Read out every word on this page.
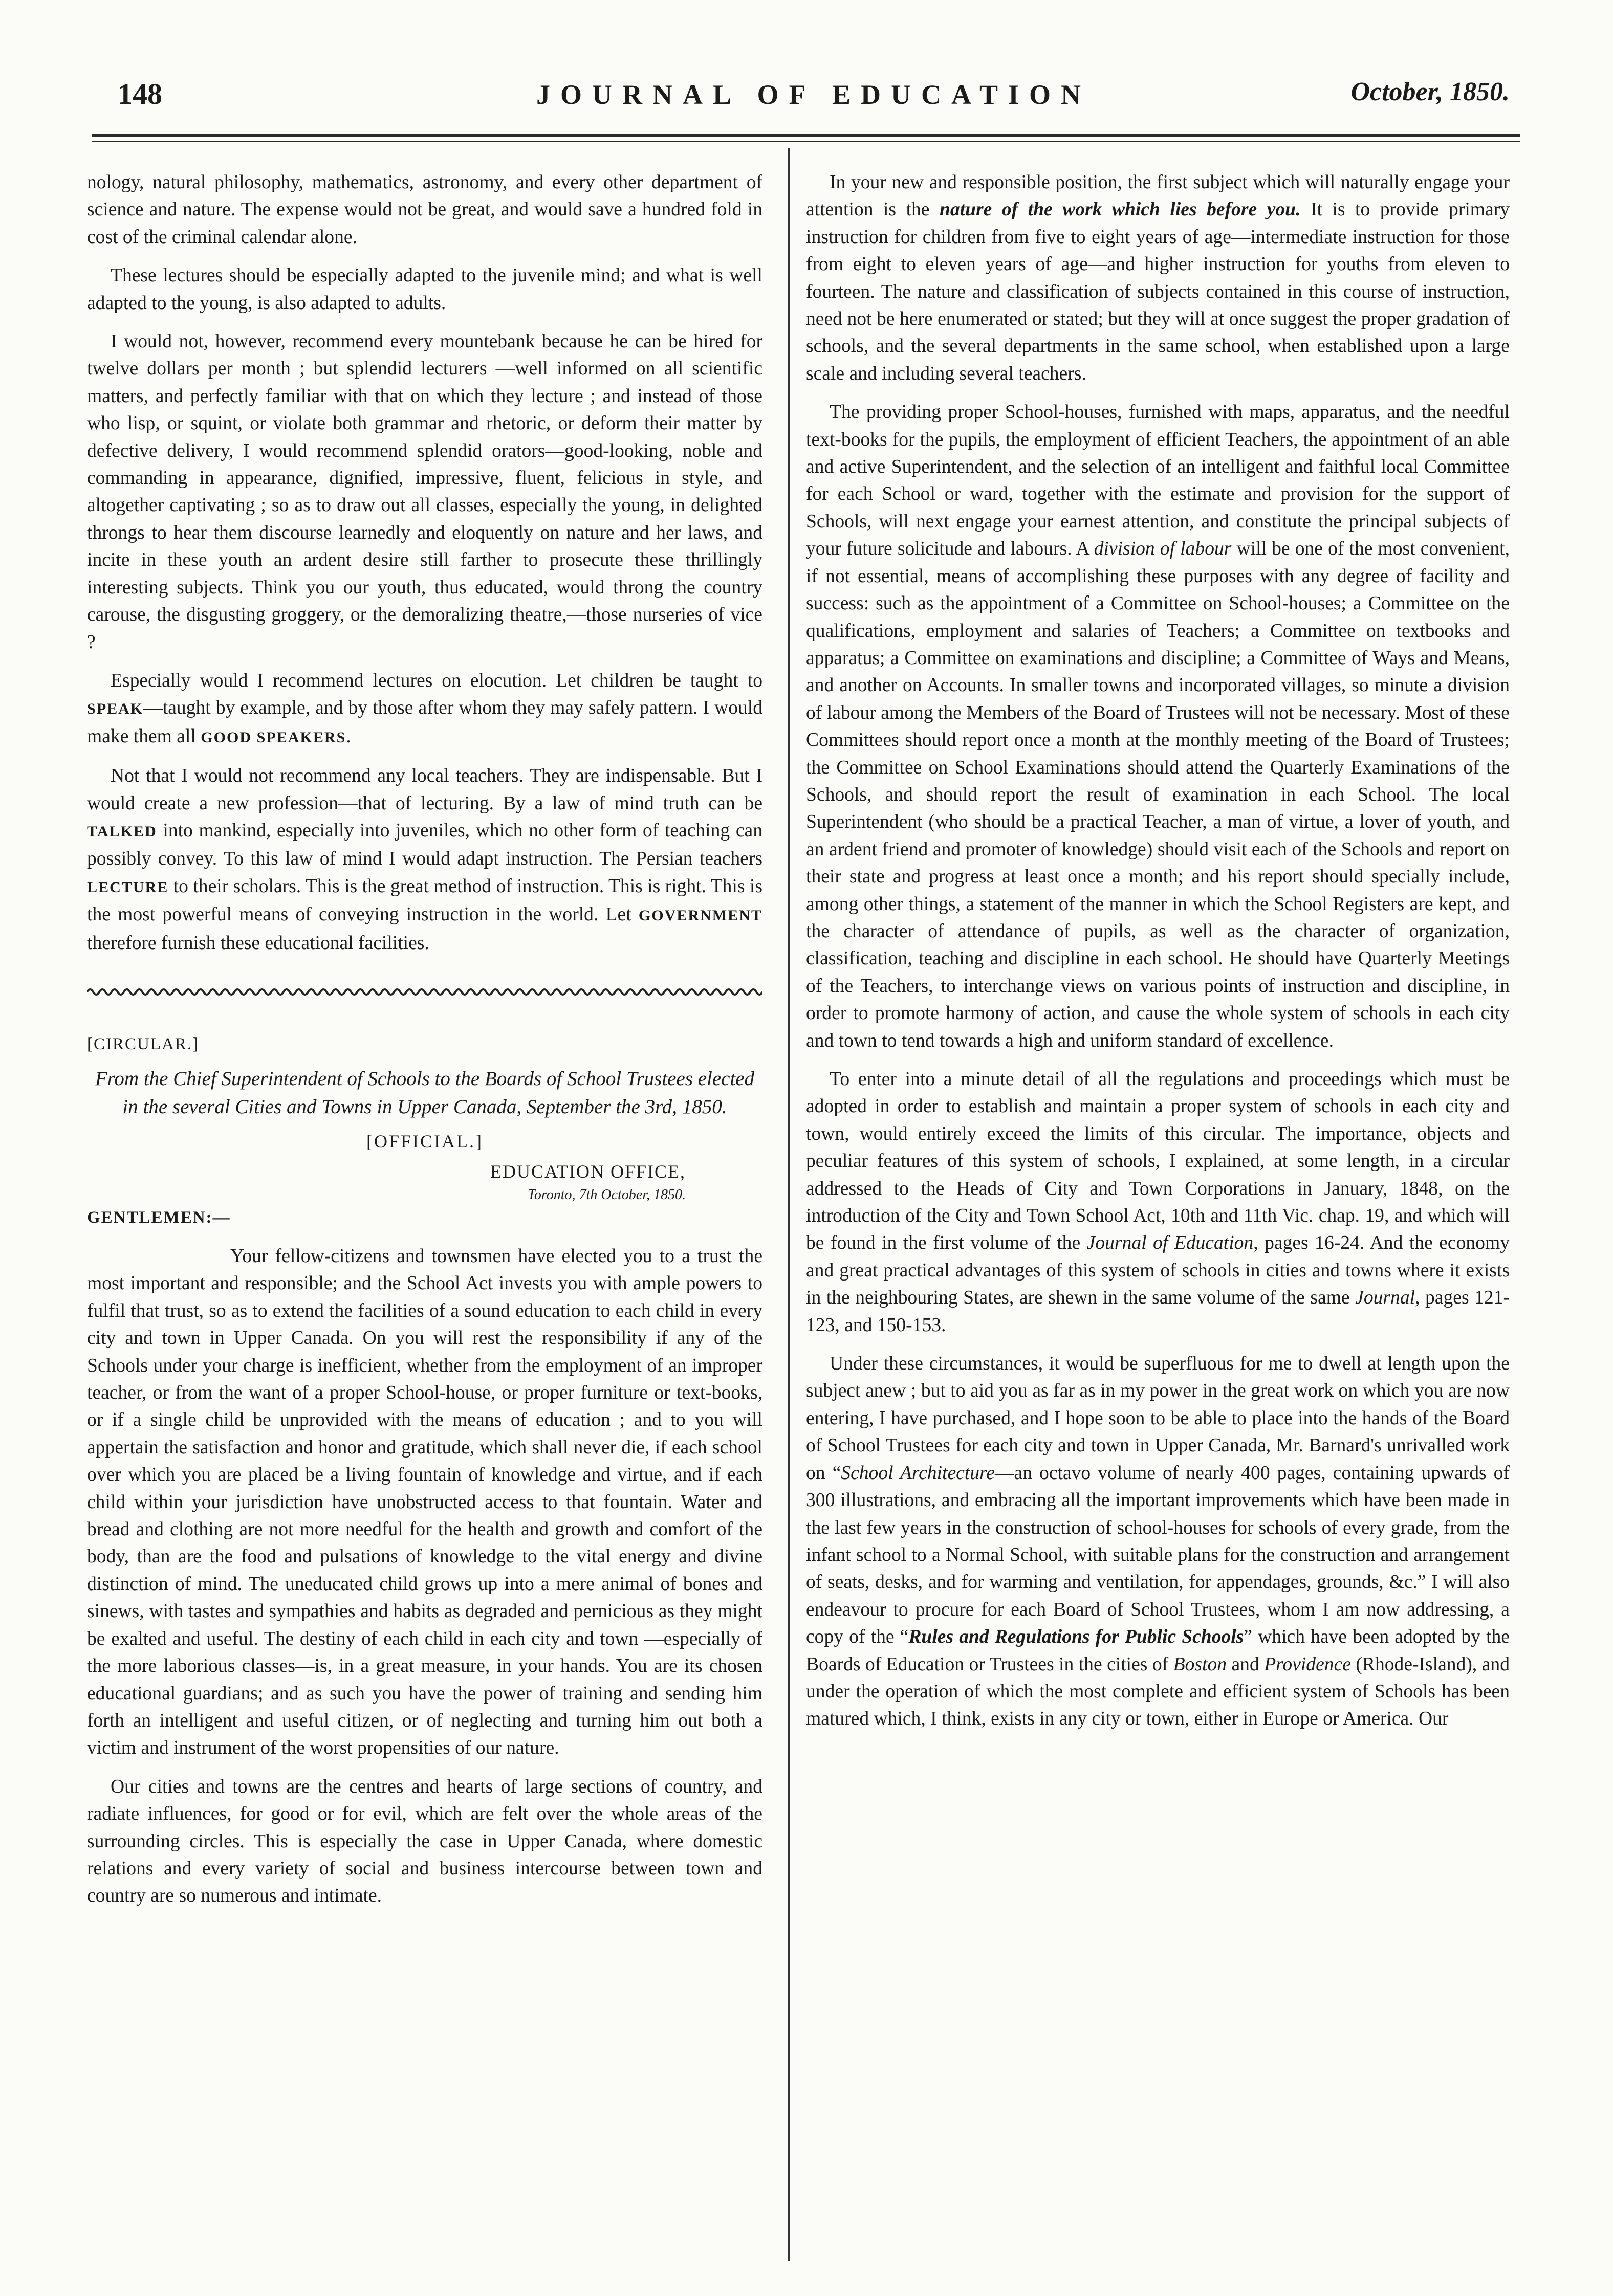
148	JOURNAL OF EDUCATION	October, 1850.

nology, natural philosophy, mathematics, astronomy, and every other department of science and nature. The expense would not be great, and would save a hundred fold in cost of the criminal calendar alone.

These lectures should be especially adapted to the juvenile mind; and what is well adapted to the young, is also adapted to adults.

I would not, however, recommend every mountebank because he can be hired for twelve dollars per month ; but splendid lecturers —well informed on all scientific matters, and perfectly familiar with that on which they lecture ; and instead of those who lisp, or squint, or violate both grammar and rhetoric, or deform their matter by defective delivery, I would recommend splendid orators—good-looking, noble and commanding in appearance, dignified, impressive, fluent, felicious in style, and altogether captivating ; so as to draw out all classes, especially the young, in delighted throngs to hear them discourse learnedly and eloquently on nature and her laws, and incite in these youth an ardent desire still farther to prosecute these thrillingly interesting subjects. Think you our youth, thus educated, would throng the country carouse, the disgusting groggery, or the demoralizing theatre,—those nurseries of vice ?

Especially would I recommend lectures on elocution. Let children be taught to SPEAK—taught by example, and by those after whom they may safely pattern. I would make them all GOOD SPEAKERS.

Not that I would not recommend any local teachers. They are indispensable. But I would create a new profession—that of lecturing. By a law of mind truth can be TALKED into mankind, especially into juveniles, which no other form of teaching can possibly convey. To this law of mind I would adapt instruction. The Persian teachers LECTURE to their scholars. This is the great method of instruction. This is right. This is the most powerful means of conveying instruction in the world. Let GOVERNMENT therefore furnish these educational facilities.

[CIRCULAR.]
From the Chief Superintendent of Schools to the Boards of School Trustees elected in the several Cities and Towns in Upper Canada, September the 3rd, 1850.
[OFFICIAL.]
EDUCATION OFFICE,
Toronto, 7th October, 1850.

GENTLEMEN:—

Your fellow-citizens and townsmen have elected you to a trust the most important and responsible; and the School Act invests you with ample powers to fulfil that trust, so as to extend the facilities of a sound education to each child in every city and town in Upper Canada. On you will rest the responsibility if any of the Schools under your charge is inefficient, whether from the employment of an improper teacher, or from the want of a proper School-house, or proper furniture or text-books, or if a single child be unprovided with the means of education ; and to you will appertain the satisfaction and honor and gratitude, which shall never die, if each school over which you are placed be a living fountain of knowledge and virtue, and if each child within your jurisdiction have unobstructed access to that fountain. Water and bread and clothing are not more needful for the health and growth and comfort of the body, than are the food and pulsations of knowledge to the vital energy and divine distinction of mind. The uneducated child grows up into a mere animal of bones and sinews, with tastes and sympathies and habits as degraded and pernicious as they might be exalted and useful. The destiny of each child in each city and town —especially of the more laborious classes—is, in a great measure, in your hands. You are its chosen educational guardians; and as such you have the power of training and sending him forth an intelligent and useful citizen, or of neglecting and turning him out both a victim and instrument of the worst propensities of our nature.

Our cities and towns are the centres and hearts of large sections of country, and radiate influences, for good or for evil, which are felt over the whole areas of the surrounding circles. This is especially the case in Upper Canada, where domestic relations and every variety of social and business intercourse between town and country are so numerous and intimate.

In your new and responsible position, the first subject which will naturally engage your attention is the nature of the work which lies before you. It is to provide primary instruction for children from five to eight years of age—intermediate instruction for those from eight to eleven years of age—and higher instruction for youths from eleven to fourteen. The nature and classification of subjects contained in this course of instruction, need not be here enumerated or stated; but they will at once suggest the proper gradation of schools, and the several departments in the same school, when established upon a large scale and including several teachers.

The providing proper School-houses, furnished with maps, apparatus, and the needful text-books for the pupils, the employment of efficient Teachers, the appointment of an able and active Superintendent, and the selection of an intelligent and faithful local Committee for each School or ward, together with the estimate and provision for the support of Schools, will next engage your earnest attention, and constitute the principal subjects of your future solicitude and labours. A division of labour will be one of the most convenient, if not essential, means of accomplishing these purposes with any degree of facility and success: such as the appointment of a Committee on School-houses; a Committee on the qualifications, employment and salaries of Teachers; a Committee on textbooks and apparatus; a Committee on examinations and discipline; a Committee of Ways and Means, and another on Accounts. In smaller towns and incorporated villages, so minute a division of labour among the Members of the Board of Trustees will not be necessary. Most of these Committees should report once a month at the monthly meeting of the Board of Trustees; the Committee on School Examinations should attend the Quarterly Examinations of the Schools, and should report the result of examination in each School. The local Superintendent (who should be a practical Teacher, a man of virtue, a lover of youth, and an ardent friend and promoter of knowledge) should visit each of the Schools and report on their state and progress at least once a month; and his report should specially include, among other things, a statement of the manner in which the School Registers are kept, and the character of attendance of pupils, as well as the character of organization, classification, teaching and discipline in each school. He should have Quarterly Meetings of the Teachers, to interchange views on various points of instruction and discipline, in order to promote harmony of action, and cause the whole system of schools in each city and town to tend towards a high and uniform standard of excellence.

To enter into a minute detail of all the regulations and proceedings which must be adopted in order to establish and maintain a proper system of schools in each city and town, would entirely exceed the limits of this circular. The importance, objects and peculiar features of this system of schools, I explained, at some length, in a circular addressed to the Heads of City and Town Corporations in January, 1848, on the introduction of the City and Town School Act, 10th and 11th Vic. chap. 19, and which will be found in the first volume of the Journal of Education, pages 16-24. And the economy and great practical advantages of this system of schools in cities and towns where it exists in the neighbouring States, are shewn in the same volume of the same Journal, pages 121-123, and 150-153.

Under these circumstances, it would be superfluous for me to dwell at length upon the subject anew ; but to aid you as far as in my power in the great work on which you are now entering, I have purchased, and I hope soon to be able to place into the hands of the Board of School Trustees for each city and town in Upper Canada, Mr. Barnard's unrivalled work on “School Architecture—an octavo volume of nearly 400 pages, containing upwards of 300 illustrations, and embracing all the important improvements which have been made in the last few years in the construction of school-houses for schools of every grade, from the infant school to a Normal School, with suitable plans for the construction and arrangement of seats, desks, and for warming and ventilation, for appendages, grounds, &c.” I will also endeavour to procure for each Board of School Trustees, whom I am now addressing, a copy of the “Rules and Regulations for Public Schools” which have been adopted by the Boards of Education or Trustees in the cities of Boston and Providence (Rhode-Island), and under the operation of which the most complete and efficient system of Schools has been matured which, I think, exists in any city or town, either in Europe or America. Our
